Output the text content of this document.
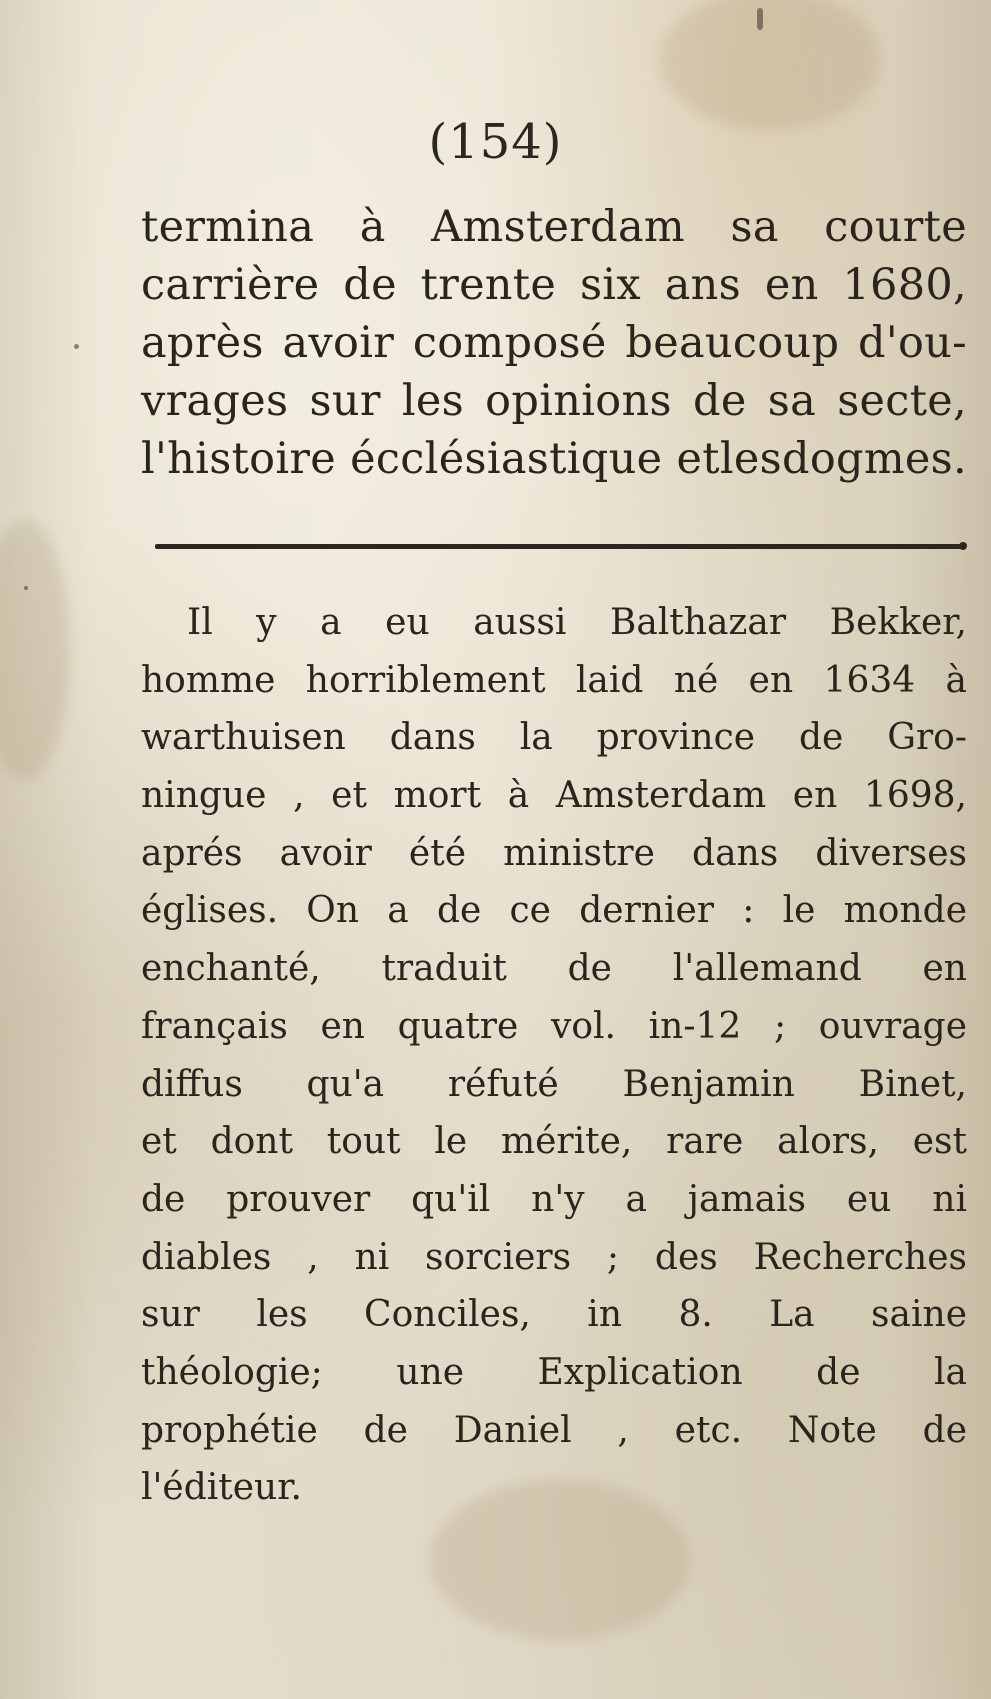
(154)
termina à Amsterdam sa courte
carrière de trente six ans en 1680,
après avoir composé beaucoup d'ou-
vrages sur les opinions de sa secte,
l'histoire écclésiastique etlesdogmes.
Il y a eu aussi Balthazar Bekker,
homme horriblement laid né en 1634 à
warthuisen dans la province de Gro-
ningue , et mort à Amsterdam en 1698,
aprés avoir été ministre dans diverses
églises. On a de ce dernier : le monde
enchanté, traduit de l'allemand en
français en quatre vol. in-12 ; ouvrage
diffus qu'a réfuté Benjamin Binet,
et dont tout le mérite, rare alors, est
de prouver qu'il n'y a jamais eu ni
diables , ni sorciers ; des Recherches
sur les Conciles, in 8. La saine
théologie; une Explication de la
prophétie de Daniel , etc. Note de
l'éditeur.
